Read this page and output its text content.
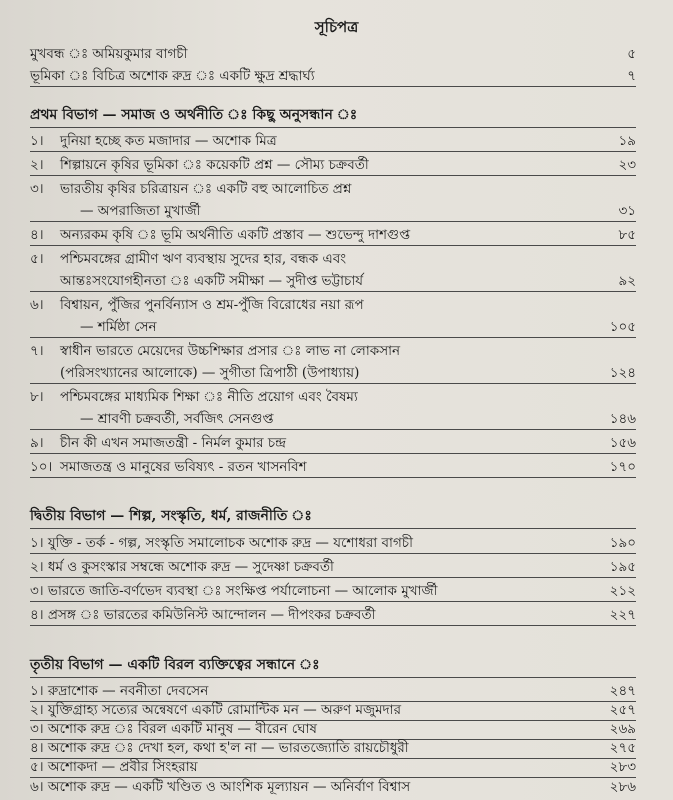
সূচিপত্র
মুখবন্ধ ঃ অমিয়কুমার বাগচী	৫
ভূমিকা ঃ বিচিত্র অশোক রুদ্র ঃ একটি ক্ষুদ্র শ্রদ্ধার্ঘ্য	৭
প্রথম বিভাগ — সমাজ ও অর্থনীতি ঃ কিছু অনুসন্ধান ঃ
১। দুনিয়া হচ্ছে কত মজাদার — অশোক মিত্র	১৯
২। শিল্পায়নে কৃষির ভূমিকা ঃ কয়েকটি প্রশ্ন — সৌম্য চক্রবর্তী	২৩
৩। ভারতীয় কৃষির চরিত্রায়ন ঃ একটি বহু আলোচিত প্রশ্ন
— অপরাজিতা মুখার্জী	৩১
৪। অন্যরকম কৃষি ঃ ভূমি অর্থনীতি একটি প্রস্তাব — শুভেন্দু দাশগুপ্ত	৮৫
৫। পশ্চিমবঙ্গের গ্রামীণ ঋণ ব্যবস্থায় সুদের হার, বন্ধক এবং
আন্তঃসংযোগহীনতা ঃ একটি সমীক্ষা — সুদীপ্ত ভট্টাচার্য	৯২
৬। বিশ্বায়ন, পুঁজির পুনর্বিন্যাস ও শ্রম-পুঁজি বিরোধের নয়া রূপ
— শর্মিষ্ঠা সেন	১০৫
৭। স্বাধীন ভারতে মেয়েদের উচ্চশিক্ষার প্রসার ঃ লাভ না লোকসান
(পরিসংখ্যানের আলোকে) — সুগীতা ত্রিপাঠী (উপাধ্যায়)	১২৪
৮। পশ্চিমবঙ্গের মাধ্যমিক শিক্ষা ঃ নীতি প্রয়োগ এবং বৈষম্য
— শ্রাবণী চক্রবর্তী, সর্বজিৎ সেনগুপ্ত	১৪৬
৯। চীন কী এখন সমাজতন্ত্রী - নির্মল কুমার চন্দ্র	১৫৬
১০। সমাজতন্ত্র ও মানুষের ভবিষ্যৎ - রতন খাসনবিশ	১৭০
দ্বিতীয় বিভাগ — শিল্প, সংস্কৃতি, ধর্ম, রাজনীতি ঃ
১। যুক্তি - তর্ক - গল্প, সংস্কৃতি সমালোচক অশোক রুদ্র — যশোধরা বাগচী	১৯০
২। ধর্ম ও কুসংস্কার সম্বন্ধে অশোক রুদ্র — সুদেষ্ণা চক্রবর্তী	১৯৫
৩। ভারতে জাতি-বর্ণভেদ ব্যবস্থা ঃ সংক্ষিপ্ত পর্যালোচনা — আলোক মুখার্জী	২১২
৪। প্রসঙ্গ ঃ ভারতের কমিউনিস্ট আন্দোলন — দীপংকর চক্রবর্তী	২২৭
তৃতীয় বিভাগ — একটি বিরল ব্যক্তিত্বের সন্ধানে ঃ
১। রুদ্রাশোক — নবনীতা দেবসেন	২৪৭
২। যুক্তিগ্রাহ্য সত্যের অন্বেষণে একটি রোমান্টিক মন — অরুণ মজুমদার	২৫৭
৩। অশোক রুদ্র ঃ বিরল একটি মানুষ — বীরেন ঘোষ	২৬৯
৪। অশোক রুদ্র ঃ দেখা হল, কথা হ'ল না — ভারতজ্যোতি রায়চৌধুরী	২৭৫
৫। অশোকদা — প্রবীর সিংহরায়	২৮৩
৬। অশোক রুদ্র — একটি খণ্ডিত ও আংশিক মূল্যায়ন — অনির্বাণ বিশ্বাস	২৮৬
